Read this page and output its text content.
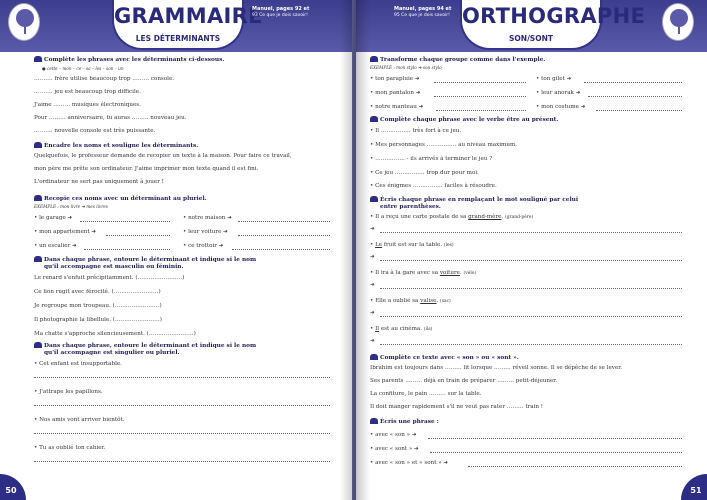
GRAMMAIRE
LES DÉTERMINANTS
Manuel, pages 92 et
93 Ce que je dois savoir!
Complète les phrases avec les déterminants ci-dessous.
● cette – mon – ce – sa – les – son – un
………. frère utilise beaucoup trop ……… console.
………. jeu est beaucoup trop difficile.
J'aime ……… musiques électroniques.
Pour ……… anniversaire, tu auras ……… nouveau jeu.
………. nouvelle console est très puissante.
Encadre les noms et souligne les déterminants.
Quelquefois, le professeur demande de recopier un texte à la maison. Pour faire ce travail,
mon père me prête son ordinateur. J'aime imprimer mon texte quand il est fini.
L'ordinateur ne sert pas uniquement à jouer !
Recopie ces noms avec un déterminant au pluriel.
EXEMPLE : mon livre ➜ mes livres
• le garage ➜	• notre maison ➜
• mon appartement ➜	• leur voiture ➜
• un escalier ➜	• ce trottoir ➜
Dans chaque phrase, entoure le déterminant et indique si le nom
qu'il accompagne est masculin ou féminin.
Le renard s'enfuit précipitamment. (……………………)
Ce lion rugit avec férocité. (……………………)
Je regroupe mon troupeau. (……………………)
Il photographie la libellule. (……………………)
Ma chatte s'approche silencieusement. (……………………)
Dans chaque phrase, entoure le déterminant et indique si le nom
qu'il accompagne est singulier ou pluriel.
• Cet enfant est insupportable.
• J'attrape les papillons.
• Nos amis vont arriver bientôt.
• Tu as oublié ton cahier.
50
Manuel, pages 94 et
95 Ce que je dois savoir! ORTHOGRAPHE
SON/SONT
Transforme chaque groupe comme dans l'exemple.
EXEMPLE : mon stylo ➜ son stylo
• ton parapluie ➜	• ton gilet ➜
• mon pantalon ➜	• leur anorak ➜
• notre manteau ➜	• mon costume ➜
Complète chaque phrase avec le verbe être au présent.
• Il ……………. très fort à ce jeu.
• Mes personnages ……………. au niveau maximum.
• ……………. - ils arrivés à terminer le jeu ?
• Ce jeu ……………. trop dur pour moi.
• Ces énigmes ……………. faciles à résoudre.
Écris chaque phrase en remplaçant le mot souligné par celui
entre parenthèses.
• Il a reçu une carte postale de sa grand-mère. (grand-père)
➜
• Le fruit est sur la table. (les)
➜
• Il ira à la gare avec sa voiture. (vélo)
➜
• Elle a oublié sa valise. (sac)
➜
• Il est au cinéma. (ils)
➜
Complète ce texte avec « son » ou « sont ».
Ibrahim est toujours dans ……… lit lorsque ……… réveil sonne. Il se dépêche de se lever.
Ses parents ……… déjà en train de préparer ……… petit-déjeuner.
La confiture, le pain ……… sur la table.
Il doit manger rapidement s'il ne veut pas rater ……… train !
Écris une phrase :
• avec « son » ➜
• avec « sont » ➜
• avec « son » et « sont » ➜
51
